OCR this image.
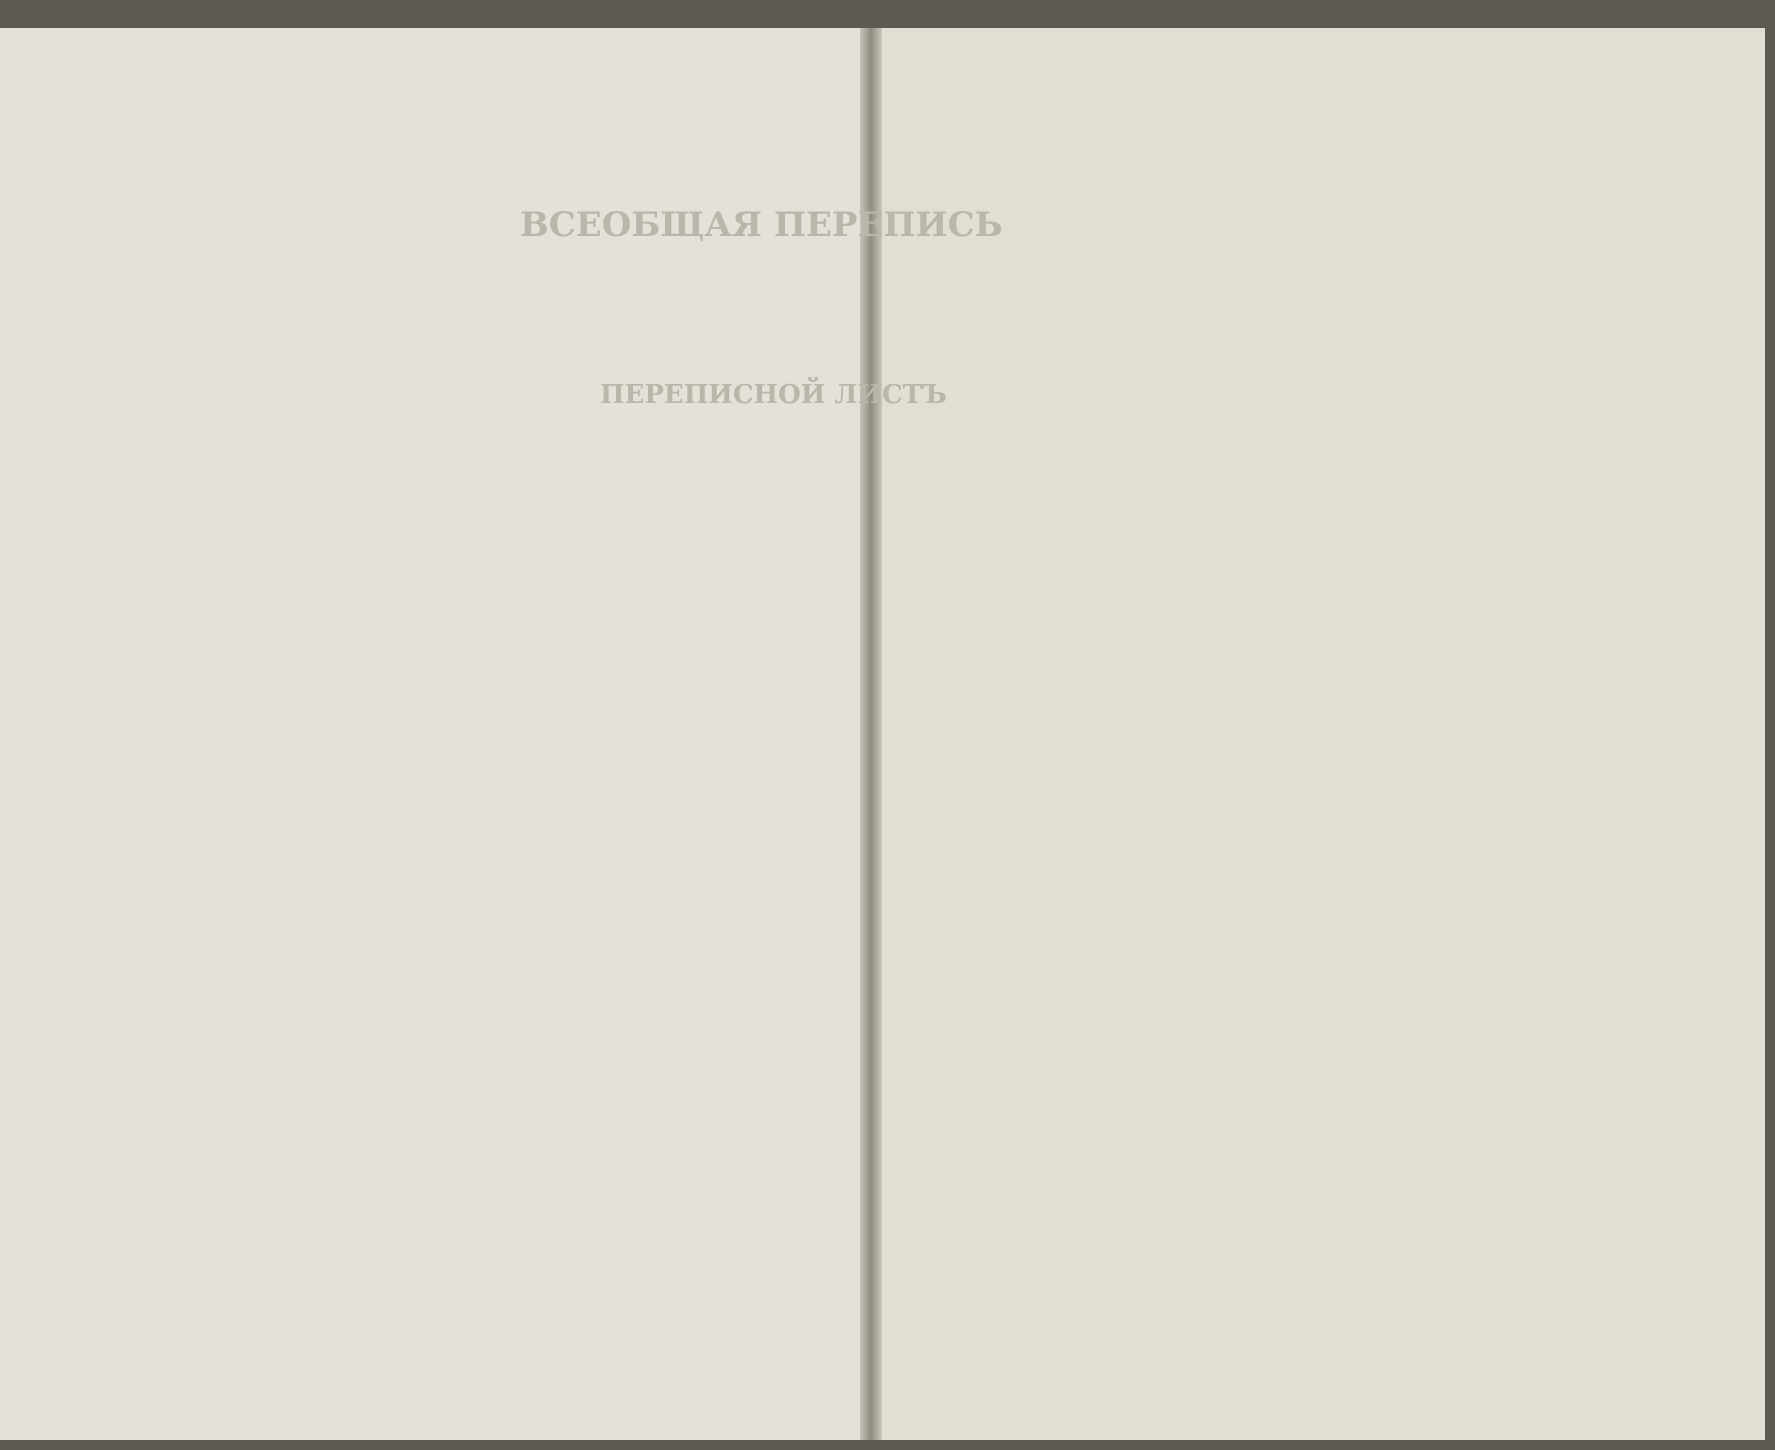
ВСЕОБЩАЯ ПЕРЕПИСЬ
ПЕРЕПИСНОЙ ЛИСТЪ
